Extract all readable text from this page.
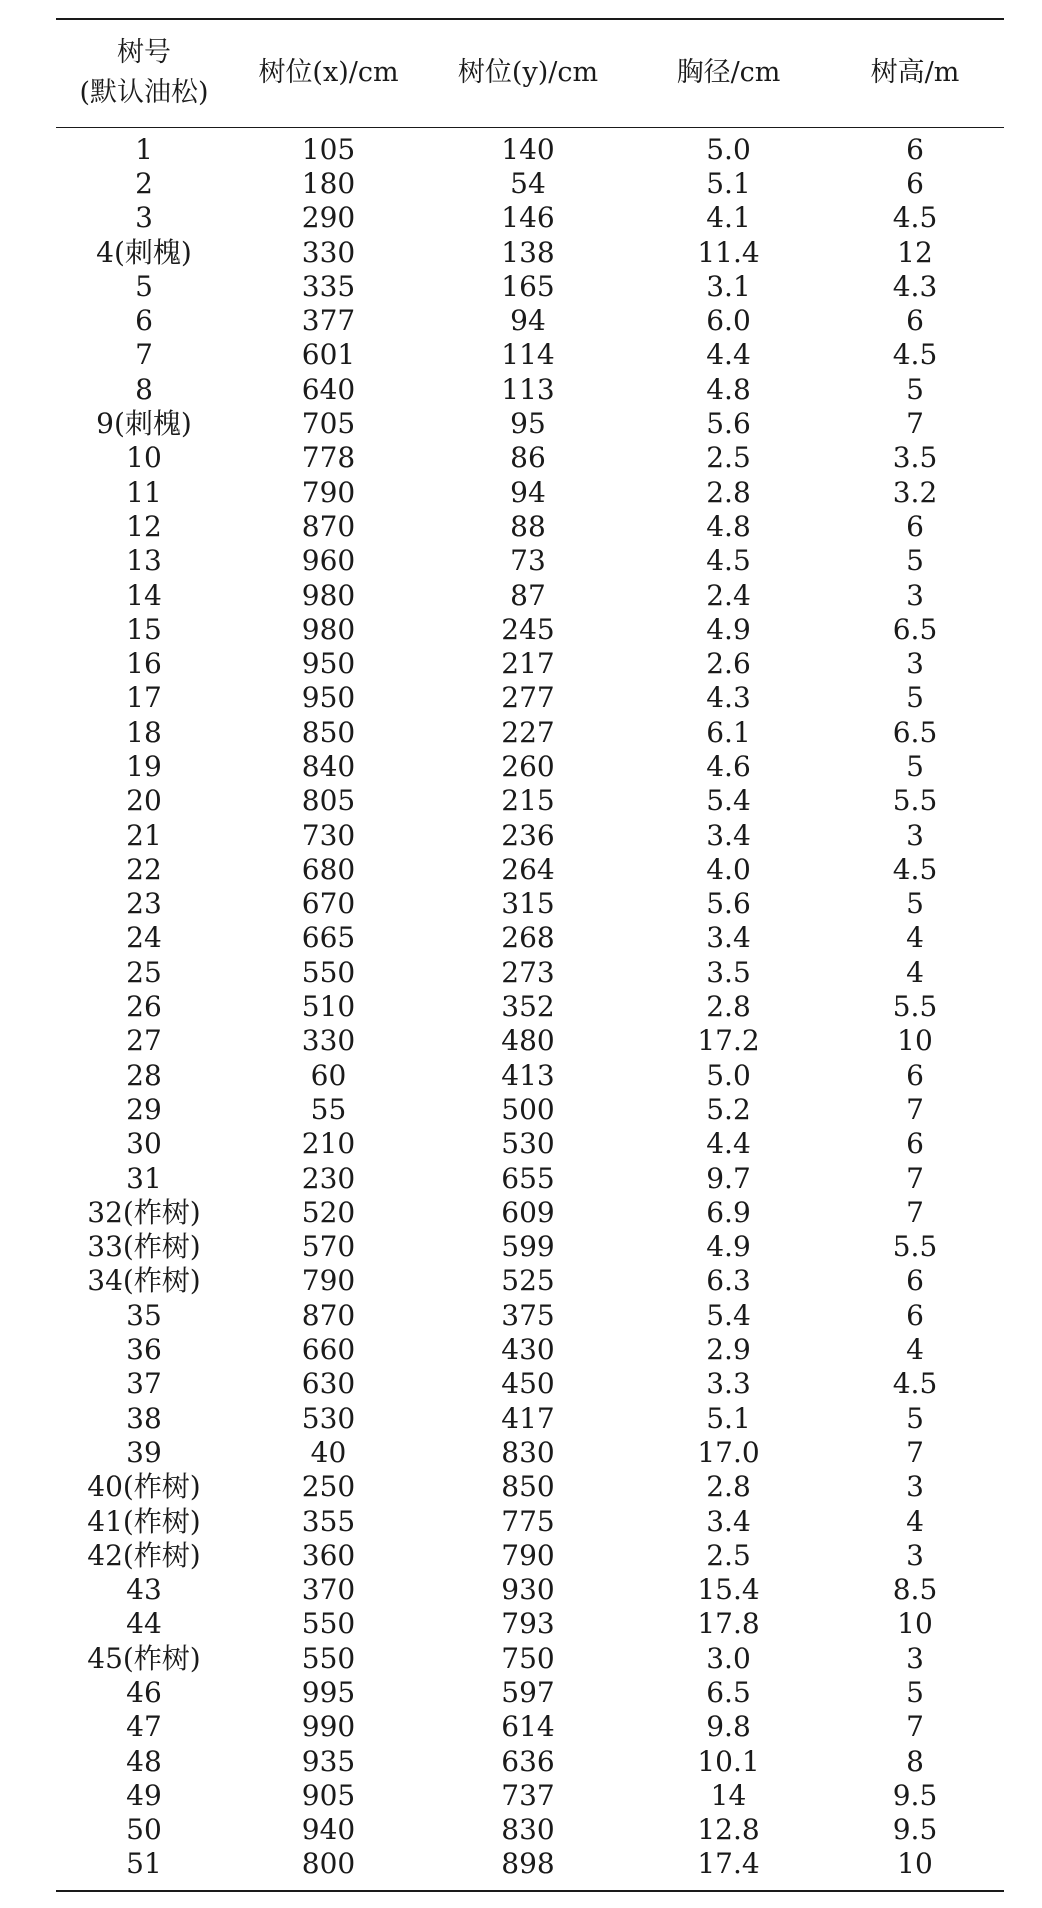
树号
(默认油松)	树位(x)/cm	树位(y)/cm	胸径/cm	树高/m
1	105	140	5.0	6
2	180	54	5.1	6
3	290	146	4.1	4.5
4(刺槐)	330	138	11.4	12
5	335	165	3.1	4.3
6	377	94	6.0	6
7	601	114	4.4	4.5
8	640	113	4.8	5
9(刺槐)	705	95	5.6	7
10	778	86	2.5	3.5
11	790	94	2.8	3.2
12	870	88	4.8	6
13	960	73	4.5	5
14	980	87	2.4	3
15	980	245	4.9	6.5
16	950	217	2.6	3
17	950	277	4.3	5
18	850	227	6.1	6.5
19	840	260	4.6	5
20	805	215	5.4	5.5
21	730	236	3.4	3
22	680	264	4.0	4.5
23	670	315	5.6	5
24	665	268	3.4	4
25	550	273	3.5	4
26	510	352	2.8	5.5
27	330	480	17.2	10
28	60	413	5.0	6
29	55	500	5.2	7
30	210	530	4.4	6
31	230	655	9.7	7
32(柞树)	520	609	6.9	7
33(柞树)	570	599	4.9	5.5
34(柞树)	790	525	6.3	6
35	870	375	5.4	6
36	660	430	2.9	4
37	630	450	3.3	4.5
38	530	417	5.1	5
39	40	830	17.0	7
40(柞树)	250	850	2.8	3
41(柞树)	355	775	3.4	4
42(柞树)	360	790	2.5	3
43	370	930	15.4	8.5
44	550	793	17.8	10
45(柞树)	550	750	3.0	3
46	995	597	6.5	5
47	990	614	9.8	7
48	935	636	10.1	8
49	905	737	14	9.5
50	940	830	12.8	9.5
51	800	898	17.4	10
